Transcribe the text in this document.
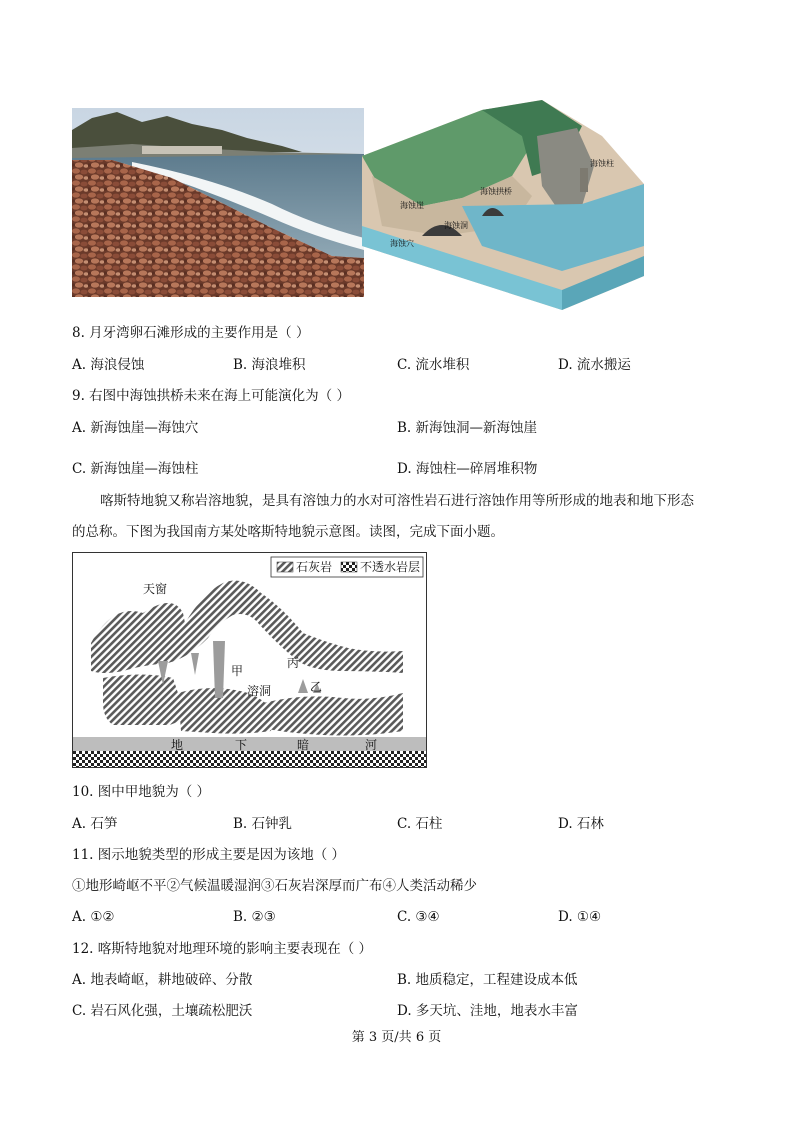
海蚀柱
海蚀拱桥
海蚀崖
海蚀洞
海蚀穴
8. 月牙湾卵石滩形成的主要作用是（ ）
A. 海浪侵蚀	B. 海浪堆积	C. 流水堆积	D. 流水搬运
9. 右图中海蚀拱桥未来在海上可能演化为（ ）
A. 新海蚀崖—海蚀穴	B. 新海蚀洞—新海蚀崖
C. 新海蚀崖—海蚀柱	D. 海蚀柱—碎屑堆积物
喀斯特地貌又称岩溶地貌，是具有溶蚀力的水对可溶性岩石进行溶蚀作用等所形成的地表和地下形态
的总称。下图为我国南方某处喀斯特地貌示意图。读图，完成下面小题。
石灰岩 不透水岩层
天窗
甲
丙
乙
溶洞
地	下	暗	河
10. 图中甲地貌为（ ）
A. 石笋	B. 石钟乳	C. 石柱	D. 石林
11. 图示地貌类型的形成主要是因为该地（ ）
①地形崎岖不平②气候温暖湿润③石灰岩深厚而广布④人类活动稀少
A. ①②	B. ②③	C. ③④	D. ①④
12. 喀斯特地貌对地理环境的影响主要表现在（ ）
A. 地表崎岖，耕地破碎、分散	B. 地质稳定，工程建设成本低
C. 岩石风化强，土壤疏松肥沃	D. 多天坑、洼地，地表水丰富
第 3 页/共 6 页
